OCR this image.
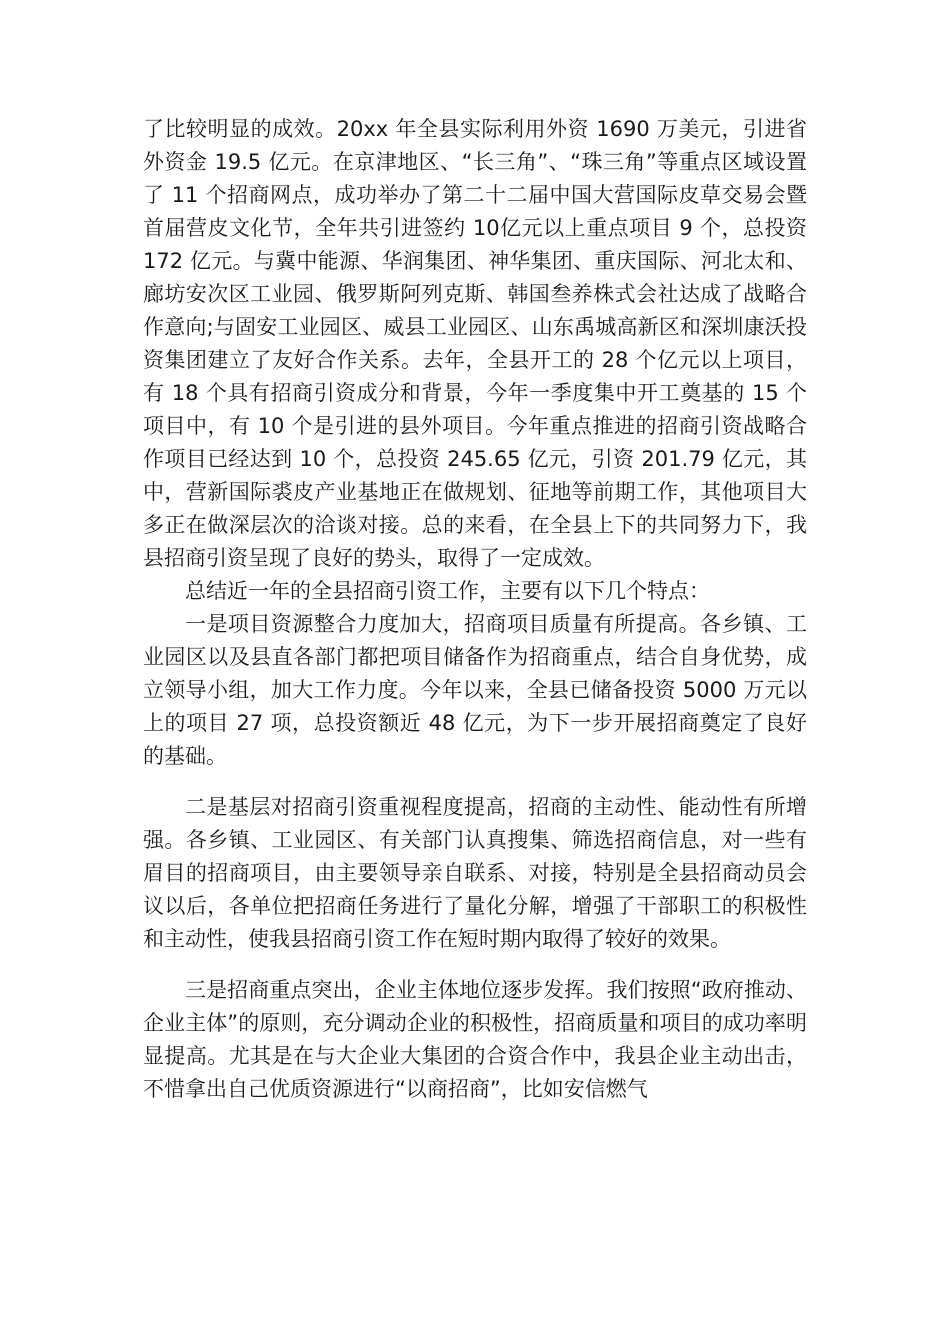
了比较明显的成效。20xx 年全县实际利用外资 1690 万美元，引进省外资金 19.5 亿元。在京津地区、“长三角”、“珠三角”等重点区域设置了 11 个招商网点，成功举办了第二十二届中国大营国际皮草交易会暨首届营皮文化节，全年共引进签约 10亿元以上重点项目 9 个，总投资 172 亿元。与冀中能源、华润集团、神华集团、重庆国际、河北太和、廊坊安次区工业园、俄罗斯阿列克斯、韩国叁养株式会社达成了战略合作意向;与固安工业园区、威县工业园区、山东禹城高新区和深圳康沃投资集团建立了友好合作关系。去年，全县开工的 28 个亿元以上项目，有 18 个具有招商引资成分和背景，今年一季度集中开工奠基的 15 个项目中，有 10 个是引进的县外项目。今年重点推进的招商引资战略合作项目已经达到 10 个，总投资 245.65 亿元，引资 201.79 亿元，其中，营新国际裘皮产业基地正在做规划、征地等前期工作，其他项目大多正在做深层次的洽谈对接。总的来看，在全县上下的共同努力下，我县招商引资呈现了良好的势头，取得了一定成效。

总结近一年的全县招商引资工作，主要有以下几个特点：

一是项目资源整合力度加大，招商项目质量有所提高。各乡镇、工业园区以及县直各部门都把项目储备作为招商重点，结合自身优势，成立领导小组，加大工作力度。今年以来，全县已储备投资 5000 万元以上的项目 27 项，总投资额近 48 亿元，为下一步开展招商奠定了良好的基础。

二是基层对招商引资重视程度提高，招商的主动性、能动性有所增强。各乡镇、工业园区、有关部门认真搜集、筛选招商信息，对一些有眉目的招商项目，由主要领导亲自联系、对接，特别是全县招商动员会议以后，各单位把招商任务进行了量化分解，增强了干部职工的积极性和主动性，使我县招商引资工作在短时期内取得了较好的效果。

三是招商重点突出，企业主体地位逐步发挥。我们按照“政府推动、企业主体”的原则，充分调动企业的积极性，招商质量和项目的成功率明显提高。尤其是在与大企业大集团的合资合作中，我县企业主动出击，不惜拿出自己优质资源进行“以商招商”，比如安信燃气
